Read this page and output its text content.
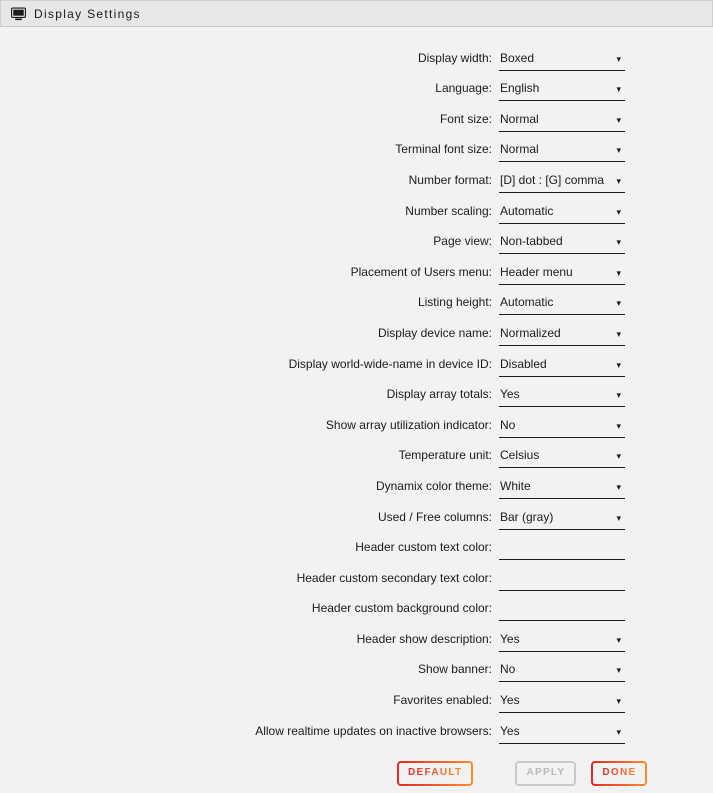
Display Settings
Display width: Boxed	▾
Language: English	▾
Font size: Normal	▾
Terminal font size: Normal	▾
Number format: [D] dot : [G] comma ▾
Number scaling: Automatic	▾
Page view: Non-tabbed	▾
Placement of Users menu: Header menu	▾
Listing height: Automatic	▾
Display device name: Normalized	▾
Display world-wide-name in device ID: Disabled	▾
Display array totals: Yes	▾
Show array utilization indicator: No	▾
Temperature unit: Celsius	▾
Dynamix color theme: White	▾
Used / Free columns: Bar (gray)	▾
Header custom text color:
Header custom secondary text color:
Header custom background color:
Header show description: Yes	▾
Show banner: No	▾
Favorites enabled: Yes	▾
Allow realtime updates on inactive browsers: Yes	▾
DEFAULT	APPLY	DONE
